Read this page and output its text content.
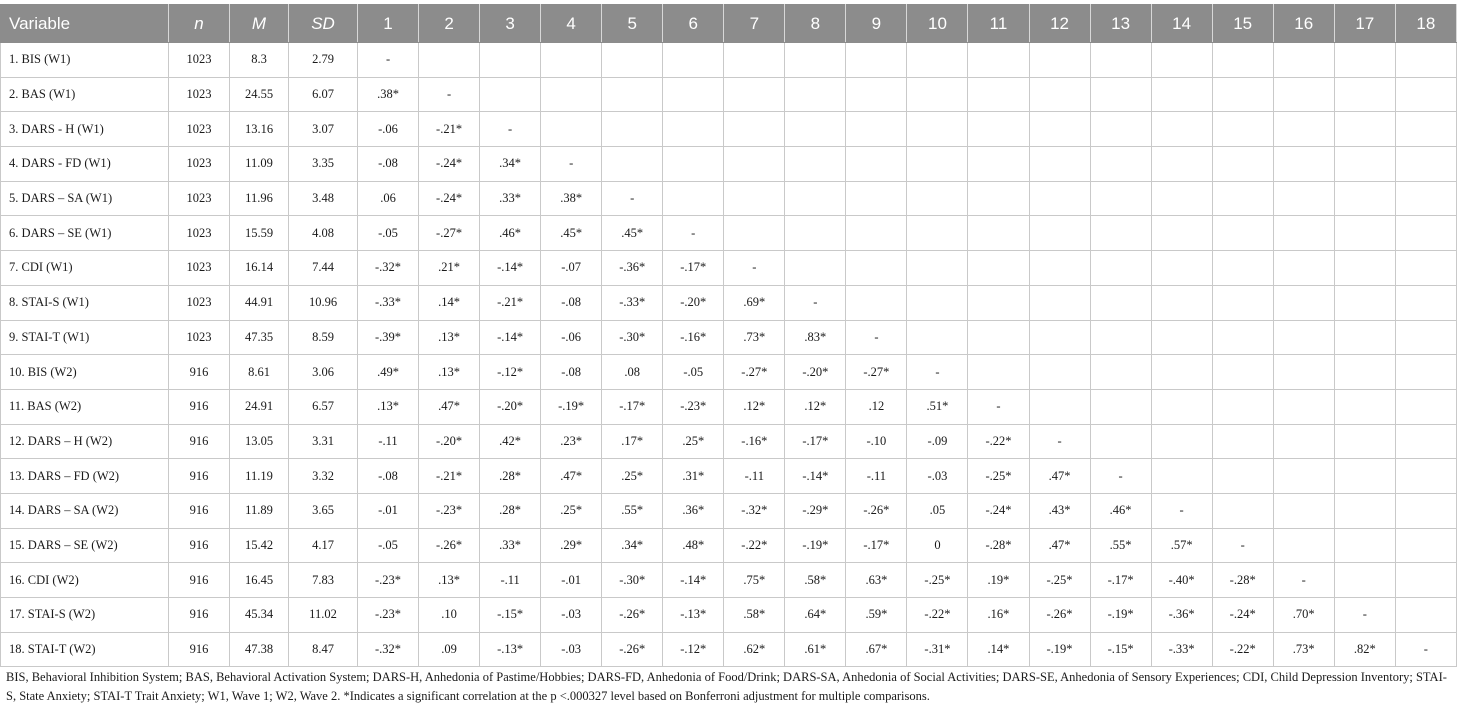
Variable	n	M	SD	1	2	3	4	5	6	7	8	9	10	11	12	13	14	15	16	17	18
1. BIS (W1)	1023	8.3	2.79	-																	
2. BAS (W1)	1023	24.55	6.07	.38*	-																
3. DARS - H (W1)	1023	13.16	3.07	-.06	-.21*	-															
4. DARS - FD (W1)	1023	11.09	3.35	-.08	-.24*	.34*	-														
5. DARS – SA (W1)	1023	11.96	3.48	.06	-.24*	.33*	.38*	-													
6. DARS – SE (W1)	1023	15.59	4.08	-.05	-.27*	.46*	.45*	.45*	-												
7. CDI (W1)	1023	16.14	7.44	-.32*	.21*	-.14*	-.07	-.36*	-.17*	-											
8. STAI-S (W1)	1023	44.91	10.96	-.33*	.14*	-.21*	-.08	-.33*	-.20*	.69*	-										
9. STAI-T (W1)	1023	47.35	8.59	-.39*	.13*	-.14*	-.06	-.30*	-.16*	.73*	.83*	-									
10. BIS (W2)	916	8.61	3.06	.49*	.13*	-.12*	-.08	.08	-.05	-.27*	-.20*	-.27*	-								
11. BAS (W2)	916	24.91	6.57	.13*	.47*	-.20*	-.19*	-.17*	-.23*	.12*	.12*	.12	.51*	-							
12. DARS – H (W2)	916	13.05	3.31	-.11	-.20*	.42*	.23*	.17*	.25*	-.16*	-.17*	-.10	-.09	-.22*	-						
13. DARS – FD (W2)	916	11.19	3.32	-.08	-.21*	.28*	.47*	.25*	.31*	-.11	-.14*	-.11	-.03	-.25*	.47*	-					
14. DARS – SA (W2)	916	11.89	3.65	-.01	-.23*	.28*	.25*	.55*	.36*	-.32*	-.29*	-.26*	.05	-.24*	.43*	.46*	-				
15. DARS – SE (W2)	916	15.42	4.17	-.05	-.26*	.33*	.29*	.34*	.48*	-.22*	-.19*	-.17*	0	-.28*	.47*	.55*	.57*	-			
16. CDI (W2)	916	16.45	7.83	-.23*	.13*	-.11	-.01	-.30*	-.14*	.75*	.58*	.63*	-.25*	.19*	-.25*	-.17*	-.40*	-.28*	-		
17. STAI-S (W2)	916	45.34	11.02	-.23*	.10	-.15*	-.03	-.26*	-.13*	.58*	.64*	.59*	-.22*	.16*	-.26*	-.19*	-.36*	-.24*	.70*	-	
18. STAI-T (W2)	916	47.38	8.47	-.32*	.09	-.13*	-.03	-.26*	-.12*	.62*	.61*	.67*	-.31*	.14*	-.19*	-.15*	-.33*	-.22*	.73*	.82*	-
BIS, Behavioral Inhibition System; BAS, Behavioral Activation System; DARS-H, Anhedonia of Pastime/Hobbies; DARS-FD, Anhedonia of Food/Drink; DARS-SA, Anhedonia of Social Activities; DARS-SE, Anhedonia of Sensory Experiences; CDI, Child Depression Inventory; STAI-S, State Anxiety; STAI-T Trait Anxiety; W1, Wave 1; W2, Wave 2. *Indicates a significant correlation at the p <.000327 level based on Bonferroni adjustment for multiple comparisons.
